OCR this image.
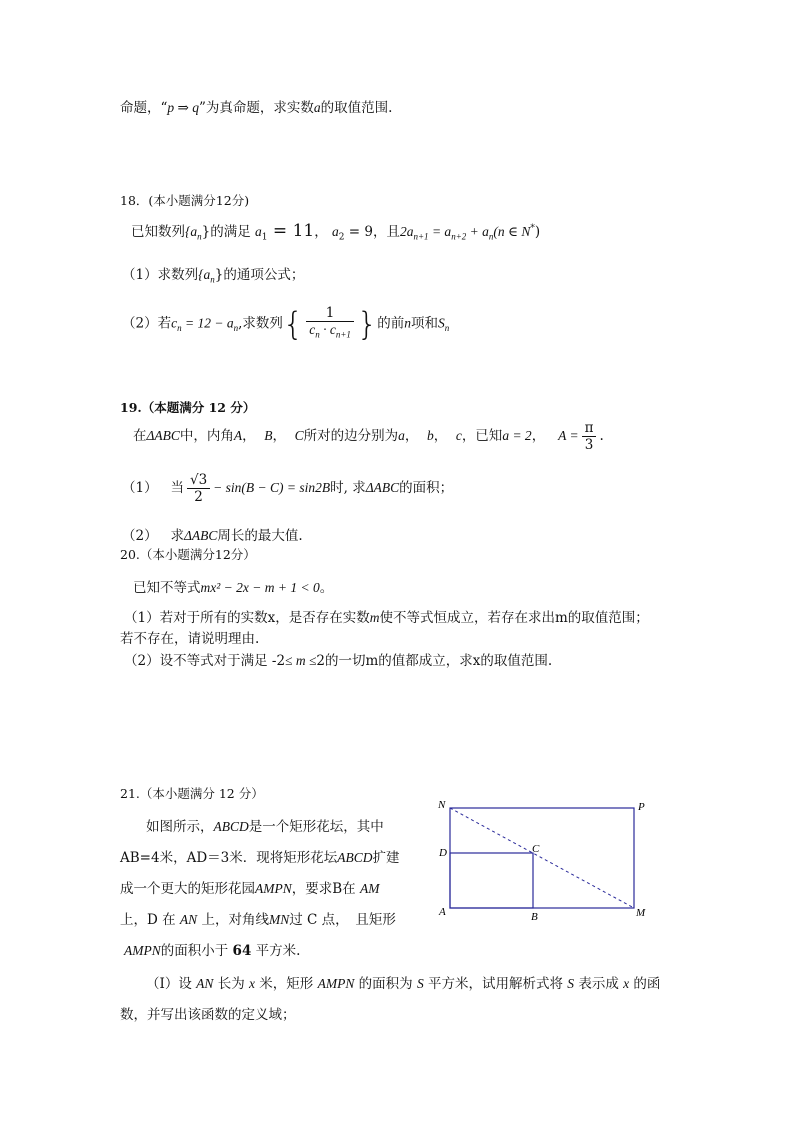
命题，“p ⇒ q”为真命题，求实数a的取值范围.
18．(本小题满分12分)
已知数列$\{a_n\}$的满足 $a_1 = 11$， $a_2 = 9$，且$2a_{n+1} = a_{n+2} + a_n(n$ ∈ N*)
（1）求数列$\{a_n\}$的通项公式；
（2）若$c_n = 12 - a_n$,求数列{ $\frac{1}{c_n \cdot c_{n+1}}$ }的前n项和$S_n$
19.（本题满分 12 分）
在ΔABC中，内角A， B， C所对的边分别为a， b， c，已知a = 2， $A = \frac{\pi}{3}$ .
（1） 当 $\frac{√3}{2} - \sin(B - C) = \sin 2B$时, 求ΔABC的面积；
（2） 求ΔABC周长的最大值.
20.（本小题满分12分）
已知不等式mx² − 2x − m + 1 < 0。
（1）若对于所有的实数x，是否存在实数m使不等式恒成立，若存在求出m的取值范围；
若不存在，请说明理由.
（2）设不等式对于满足 -2≤ m ≤2的一切m的值都成立，求x的取值范围.
21.（本小题满分 12 分）
如图所示，ABCD是一个矩形花坛，其中
AB=4米，AD＝3米．现将矩形花坛ABCD扩建
成一个更大的矩形花园AMPN，要求B在 AM
上，D 在 AN 上，对角线MN过 C 点，　且矩形
AMPN的面积小于 64 平方米.
（Ⅰ）设 AN 长为 x 米，矩形 AMPN 的面积为 S 平方米，试用解析式将 S 表示成 x 的函
数，并写出该函数的定义域；
N	P
D	C
A	B	M
